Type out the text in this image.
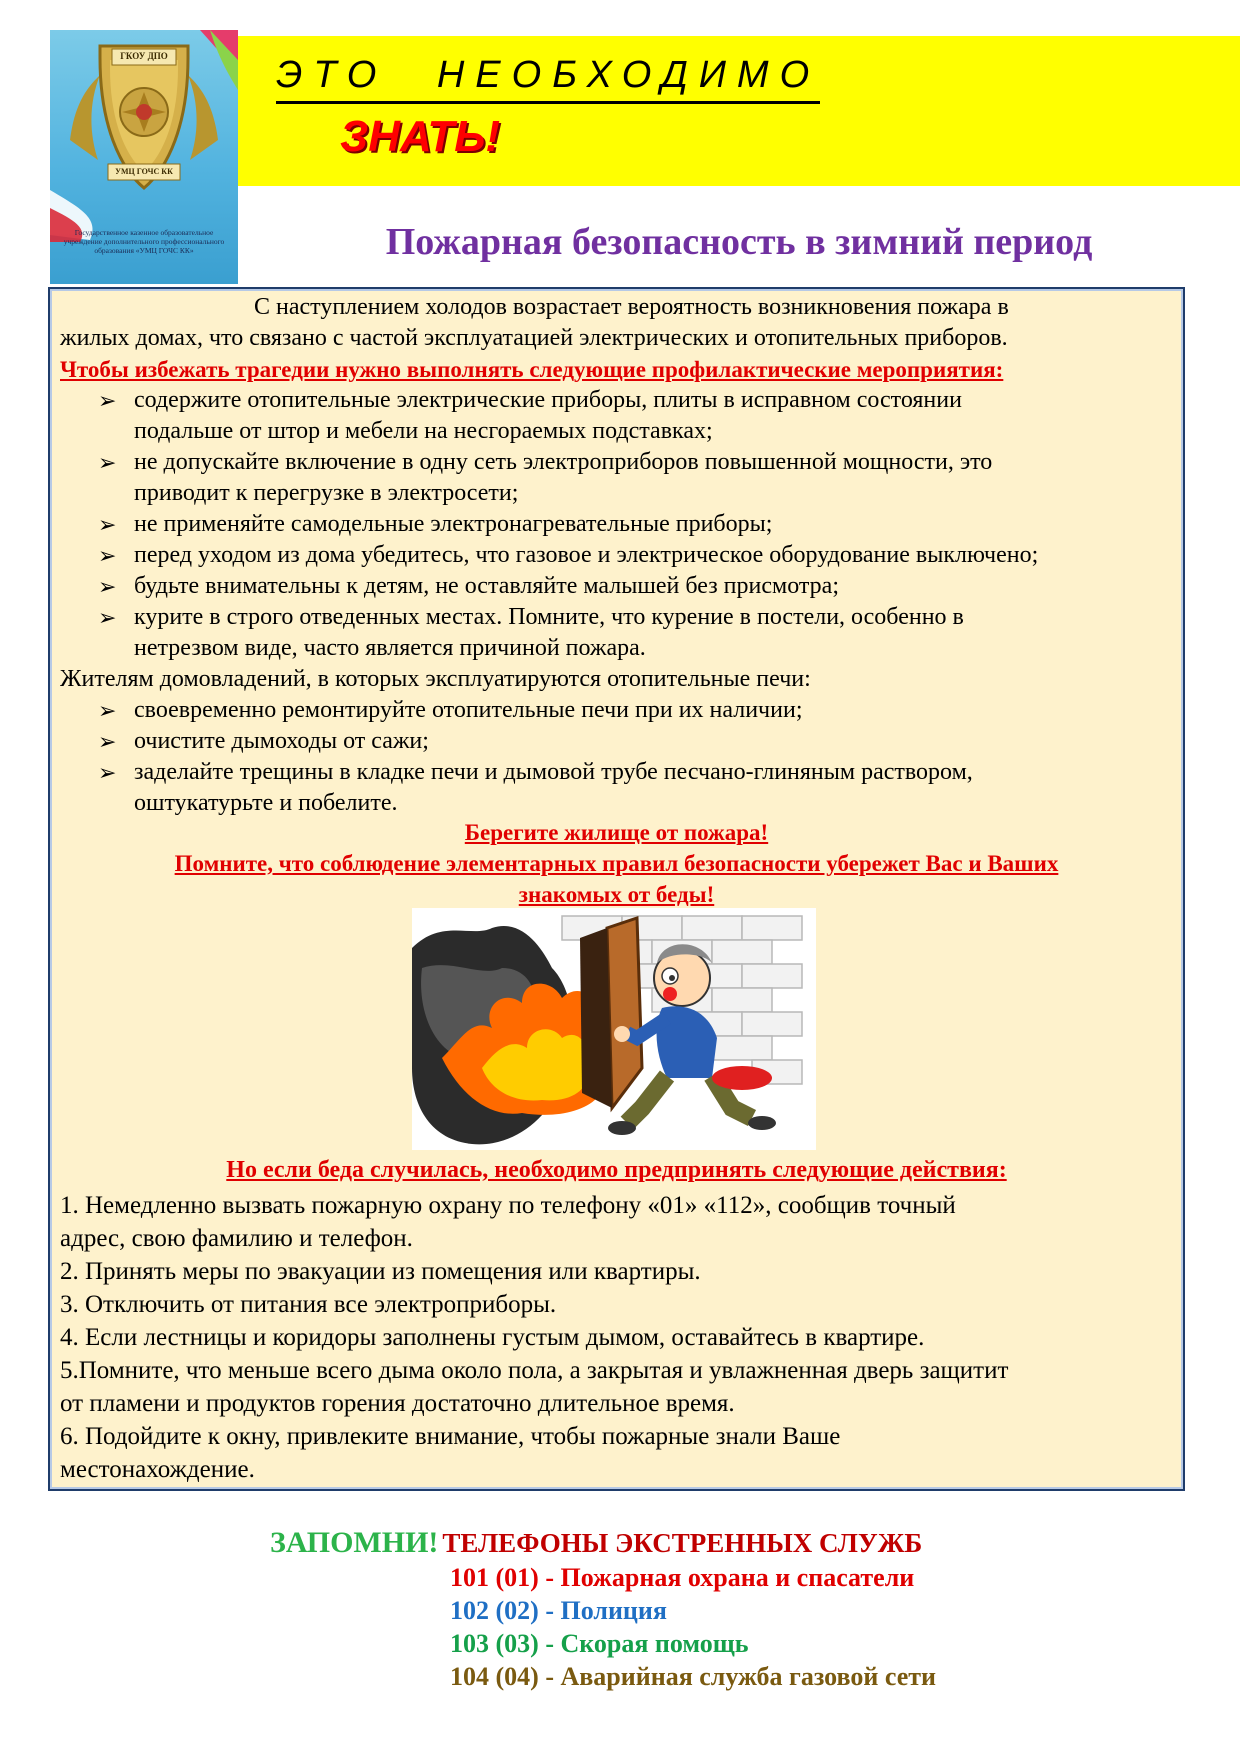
ГКОУ ДПО
УМЦ ГОЧС КК
Государственное казенное образовательное учреждение дополнительного профессионального образования «УМЦ ГОЧС КК»
ЭТО НЕОБХОДИМО
ЗНАТЬ!
Пожарная безопасность в зимний период
С наступлением холодов возрастает вероятность возникновения пожара в
жилых домах, что связано с частой эксплуатацией электрических и отопительных приборов.
Чтобы избежать трагедии нужно выполнять следующие профилактические мероприятия:
➢ содержите отопительные электрические приборы, плиты в исправном состоянии
подальше от штор и мебели на несгораемых подставках;
➢ не допускайте включение в одну сеть электроприборов повышенной мощности, это
приводит к перегрузке в электросети;
➢ не применяйте самодельные электронагревательные приборы;
➢ перед уходом из дома убедитесь, что газовое и электрическое оборудование выключено;
➢ будьте внимательны к детям, не оставляйте малышей без присмотра;
➢ курите в строго отведенных местах. Помните, что курение в постели, особенно в
нетрезвом виде, часто является причиной пожара.
Жителям домовладений, в которых эксплуатируются отопительные печи:
➢ своевременно ремонтируйте отопительные печи при их наличии;
➢ очистите дымоходы от сажи;
➢ заделайте трещины в кладке печи и дымовой трубе песчано-глиняным раствором,
оштукатурьте и побелите.
Берегите жилище от пожара!
Помните, что соблюдение элементарных правил безопасности убережет Вас и Ваших
знакомых от беды!
Но если беда случилась, необходимо предпринять следующие действия:
1. Немедленно вызвать пожарную охрану по телефону «01» «112», сообщив точный
адрес, свою фамилию и телефон.
2. Принять меры по эвакуации из помещения или квартиры.
3. Отключить от питания все электроприборы.
4. Если лестницы и коридоры заполнены густым дымом, оставайтесь в квартире.
5.Помните, что меньше всего дыма около пола, а закрытая и увлажненная дверь защитит
от пламени и продуктов горения достаточно длительное время.
6. Подойдите к окну, привлеките внимание, чтобы пожарные знали Ваше
местонахождение.
ЗАПОМНИ! ТЕЛЕФОНЫ ЭКСТРЕННЫХ СЛУЖБ
101 (01) - Пожарная охрана и спасатели
102 (02) - Полиция
103 (03) - Скорая помощь
104 (04) - Аварийная служба газовой сети
